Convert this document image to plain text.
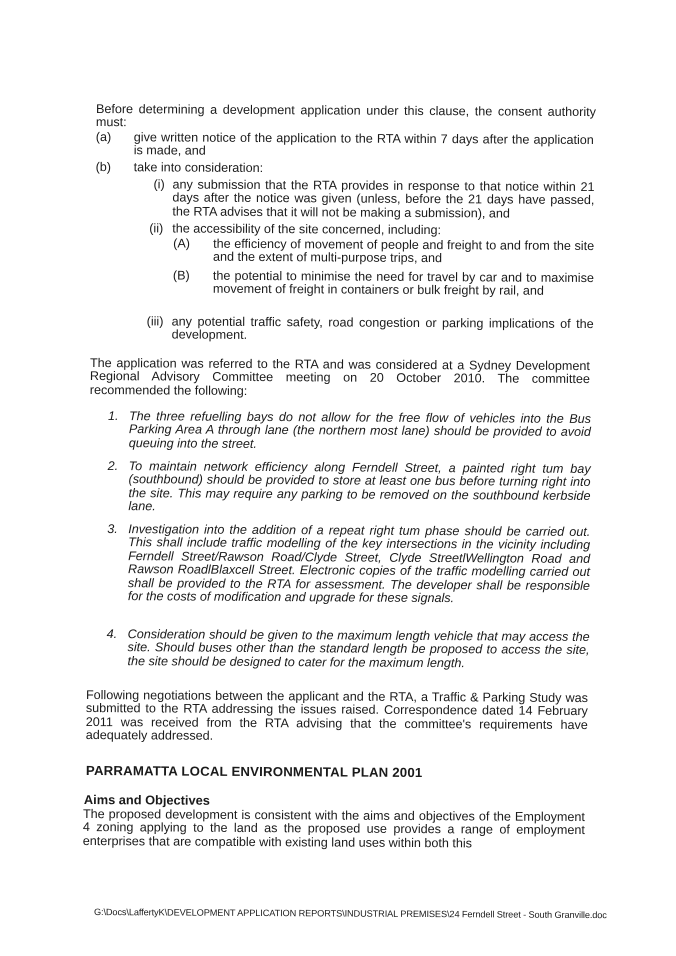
Before determining a development application under this clause, the consent authority must:

(a) give written notice of the application to the RTA within 7 days after the application is made, and
(b) take into consideration:
(i) any submission that the RTA provides in response to that notice within 21 days after the notice was given (unless, before the 21 days have passed, the RTA advises that it will not be making a submission), and
(ii) the accessibility of the site concerned, including:
(A) the efficiency of movement of people and freight to and from the site and the extent of multi-purpose trips, and
(B) the potential to minimise the need for travel by car and to maximise movement of freight in containers or bulk freight by rail, and
(iii) any potential traffic safety, road congestion or parking implications of the development.

The application was referred to the RTA and was considered at a Sydney Development Regional Advisory Committee meeting on 20 October 2010. The committee recommended the following:

1. The three refuelling bays do not allow for the free flow of vehicles into the Bus Parking Area A through lane (the northern most lane) should be provided to avoid queuing into the street.
2. To maintain network efficiency along Ferndell Street, a painted right tum bay (southbound) should be provided to store at least one bus before turning right into the site. This may require any parking to be removed on the southbound kerbside lane.
3. Investigation into the addition of a repeat right tum phase should be carried out. This shall include traffic modelling of the key intersections in the vicinity including Ferndell Street/Rawson Road/Clyde Street, Clyde StreetlWellington Road and Rawson RoadlBlaxcell Street. Electronic copies of the traffic modelling carried out shall be provided to the RTA for assessment. The developer shall be responsible for the costs of modification and upgrade for these signals.
4. Consideration should be given to the maximum length vehicle that may access the site. Should buses other than the standard length be proposed to access the site, the site should be designed to cater for the maximum length.

Following negotiations between the applicant and the RTA, a Traffic & Parking Study was submitted to the RTA addressing the issues raised. Correspondence dated 14 February 2011 was received from the RTA advising that the committee's requirements have adequately addressed.

PARRAMATTA LOCAL ENVIRONMENTAL PLAN 2001
Aims and Objectives

The proposed development is consistent with the aims and objectives of the Employment 4 zoning applying to the land as the proposed use provides a range of employment enterprises that are compatible with existing land uses within both this

G:\Docs\LaffertyK\DEVELOPMENT APPLICATION REPORTS\INDUSTRIAL PREMISES\24 Ferndell Street - South Granville.doc
